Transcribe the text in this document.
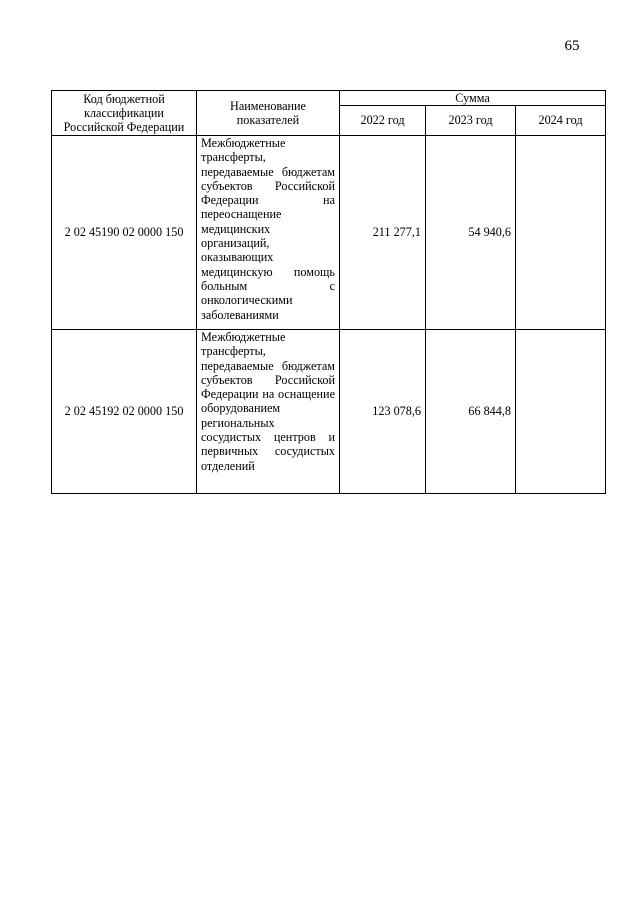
65
Код бюджетной классификации Российской Федерации	Наименование показателей	Сумма		
		2022 год	2023 год	2024 год
2 02 45190 02 0000 150	Межбюджетные трансферты, передаваемые бюджетам субъектов Российской Федерации на переоснащение медицинских организаций, оказывающих медицинскую помощь больным с онкологическими заболеваниями	211 277,1	54 940,6	
2 02 45192 02 0000 150	Межбюджетные трансферты, передаваемые бюджетам субъектов Российской Федерации на оснащение оборудованием региональных сосудистых центров и первичных сосудистых отделений	123 078,6	66 844,8	
